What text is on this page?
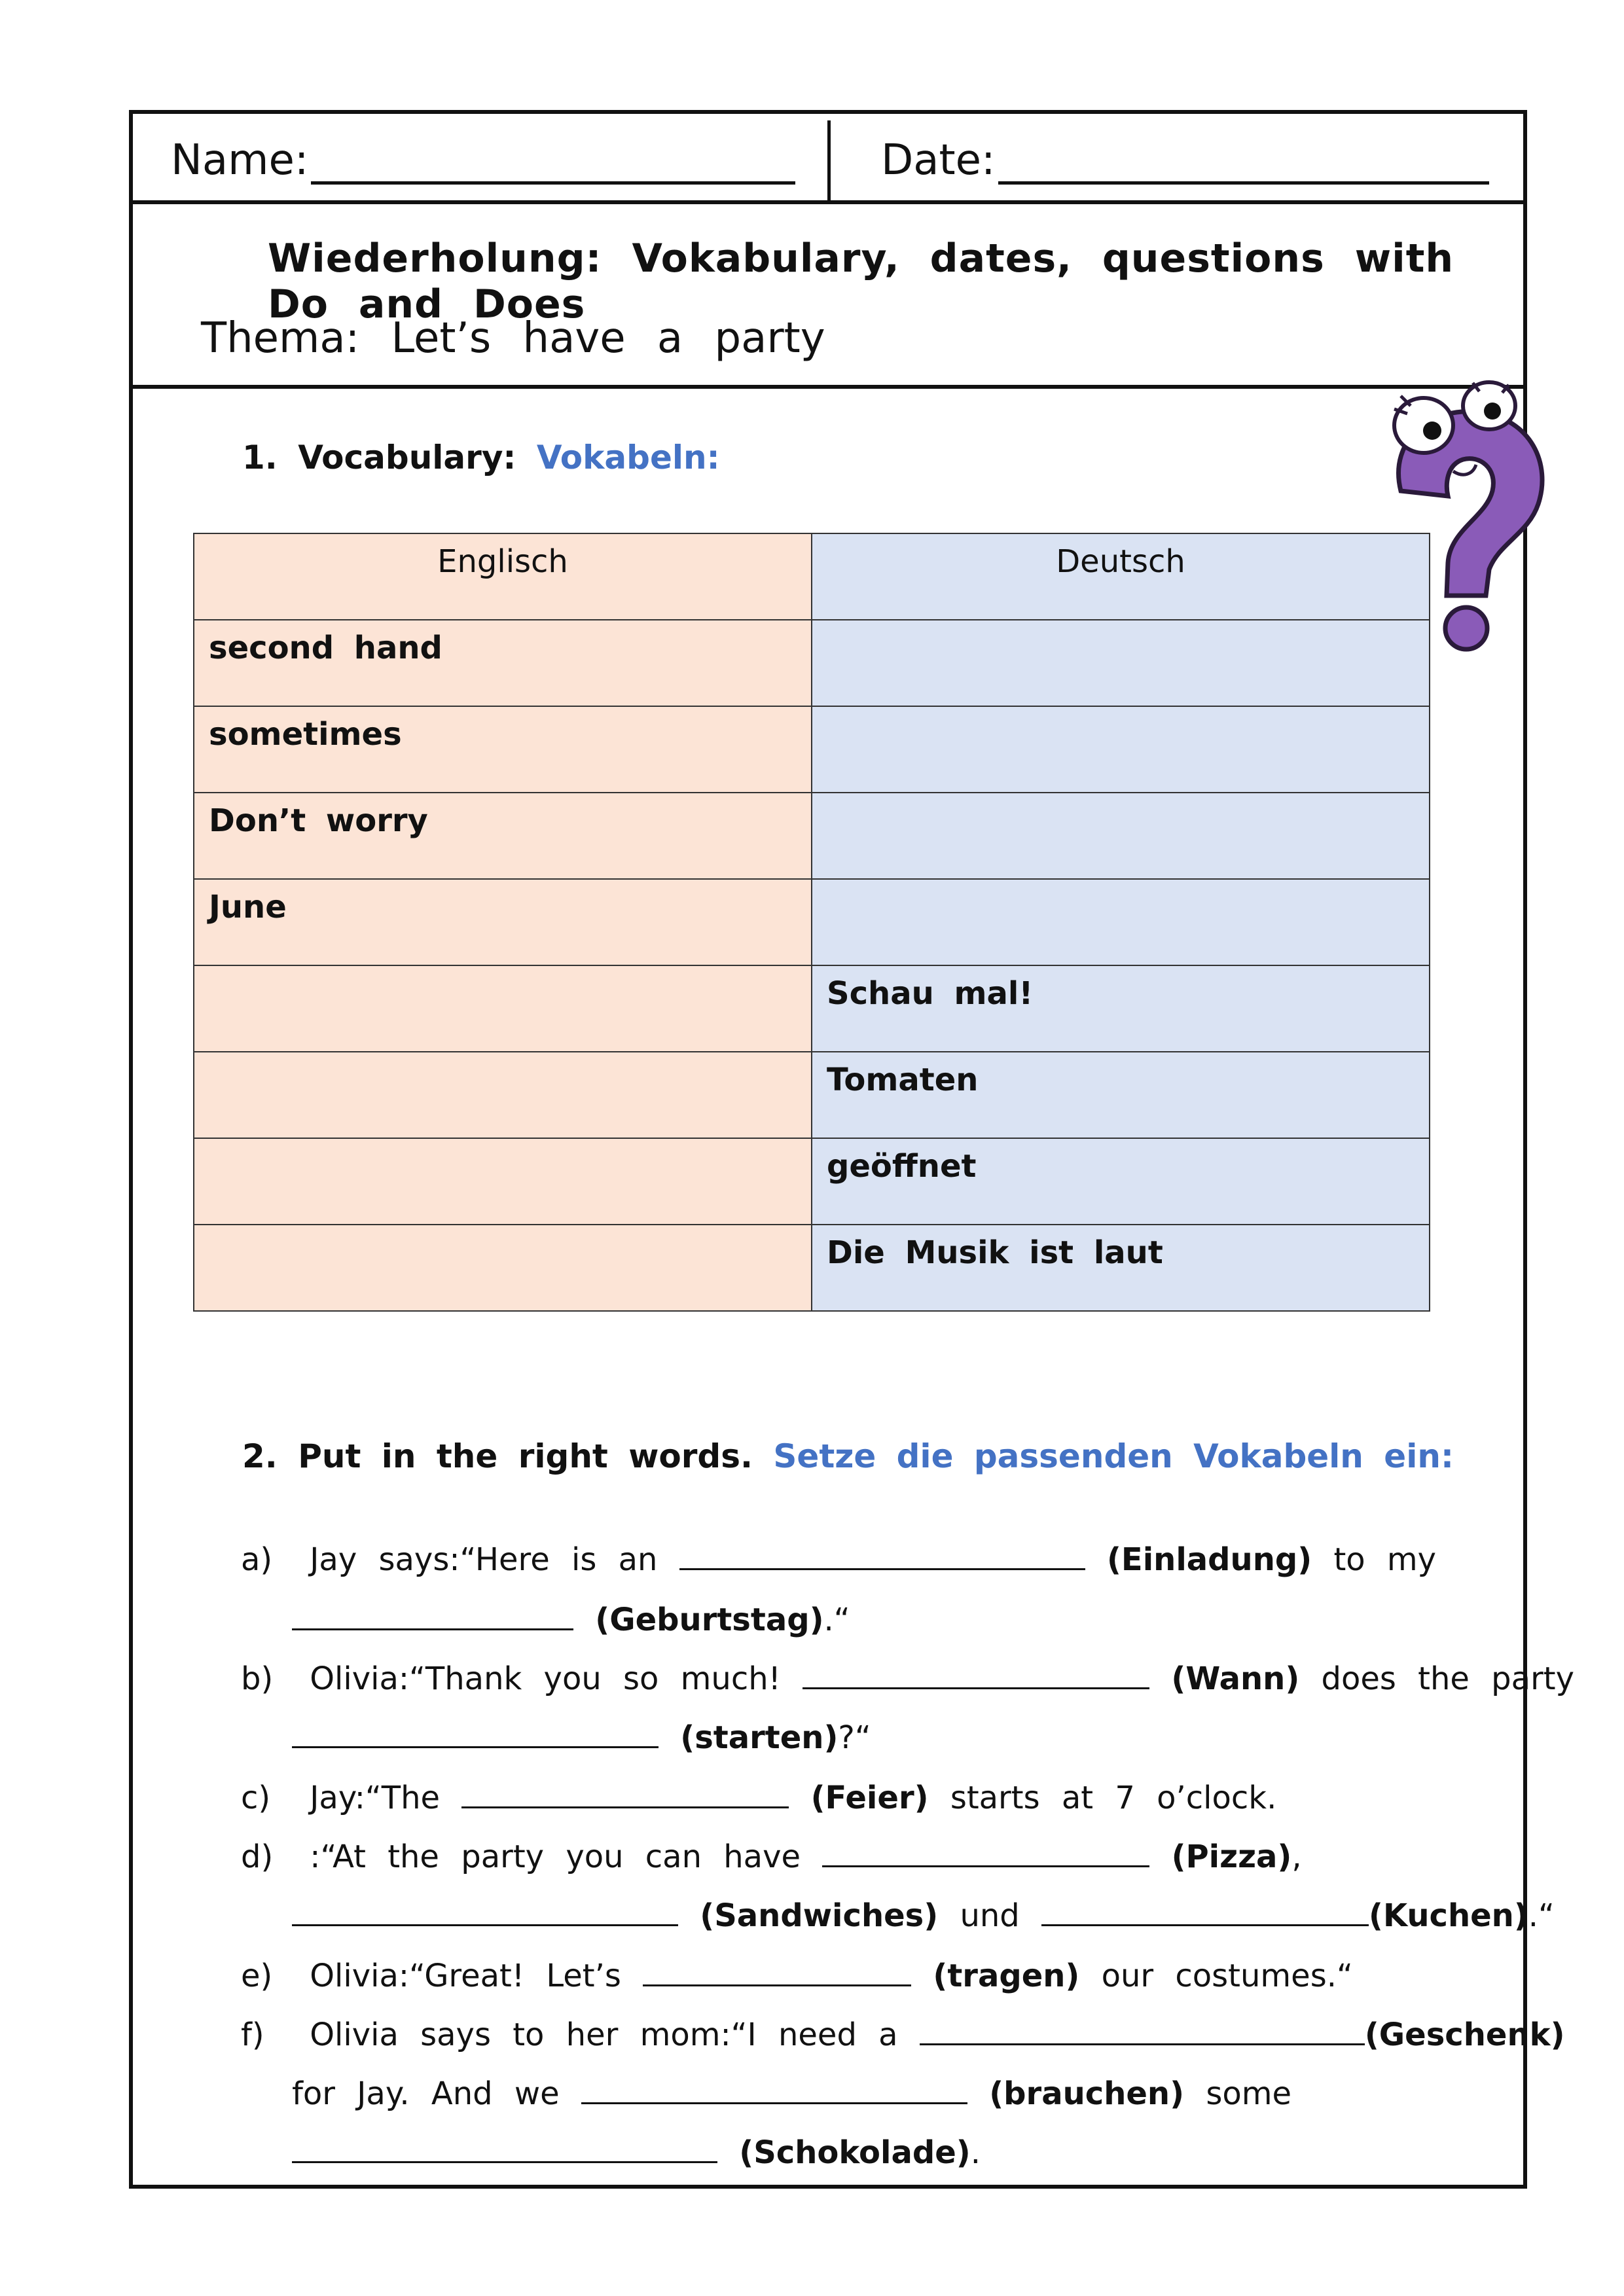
Name:	Date:
Wiederholung: Vokabulary, dates, questions with Do and Does
Thema: Let’s have a party
1. Vocabulary: Vokabeln:
Englisch	Deutsch
second hand	
sometimes	
Don’t worry	
June	
	Schau mal!
	Tomaten
	geöffnet
	Die Musik ist laut
2. Put in the right words. Setze die passenden Vokabeln ein:
a) Jay says:“Here is an	(Einladung) to my
(Geburtstag).“
b) Olivia:“Thank you so much!	(Wann) does the party
(starten)?“
c) Jay:“The	(Feier) starts at 7 o’clock.
d) :“At the party you can have	(Pizza),
(Sandwiches) und	(Kuchen).“
e) Olivia:“Great! Let’s	(tragen) our costumes.“
f) Olivia says to her mom:“I need a	(Geschenk)
for Jay. And we	(brauchen) some
(Schokolade).
